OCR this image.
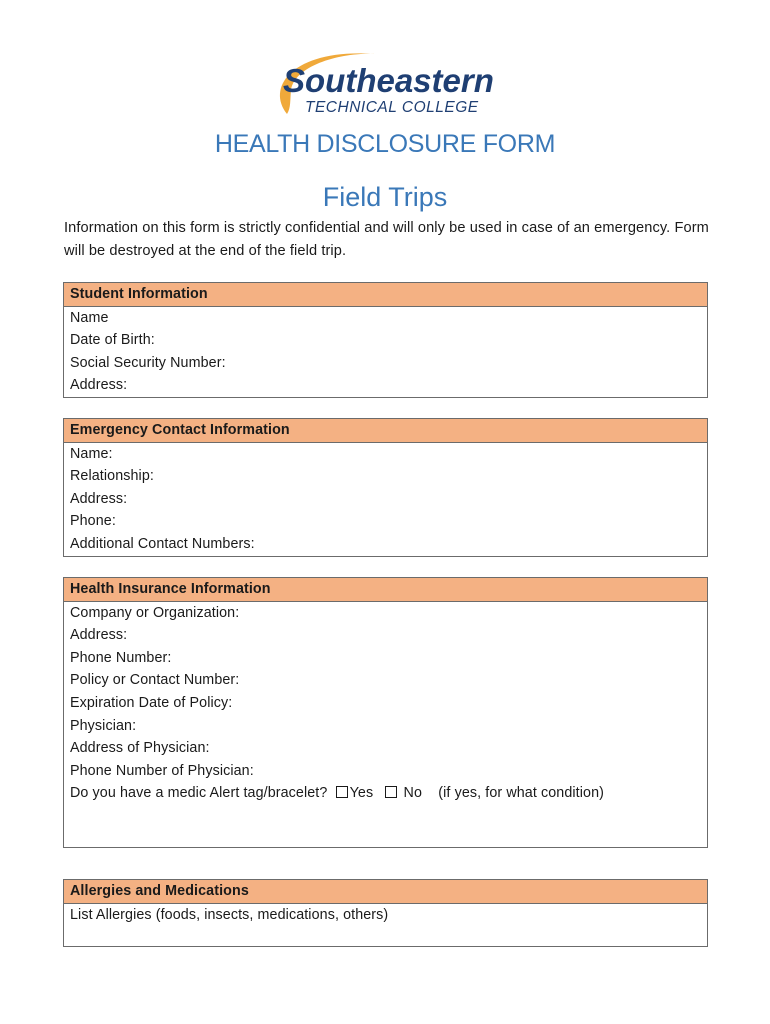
Southeastern
TECHNICAL COLLEGE
HEALTH DISCLOSURE FORM
Field Trips
Information on this form is strictly confidential and will only be used in case of an emergency. Form will be destroyed at the end of the field trip.
Student Information
Name
Date of Birth:
Social Security Number:
Address:
Emergency Contact Information
Name:
Relationship:
Address:
Phone:
Additional Contact Numbers:
Health Insurance Information
Company or Organization:
Address:
Phone Number:
Policy or Contact Number:
Expiration Date of Policy:
Physician:
Address of Physician:
Phone Number of Physician:
Do you have a medic Alert tag/bracelet? Yes No (if yes, for what condition)
Allergies and Medications
List Allergies (foods, insects, medications, others)
